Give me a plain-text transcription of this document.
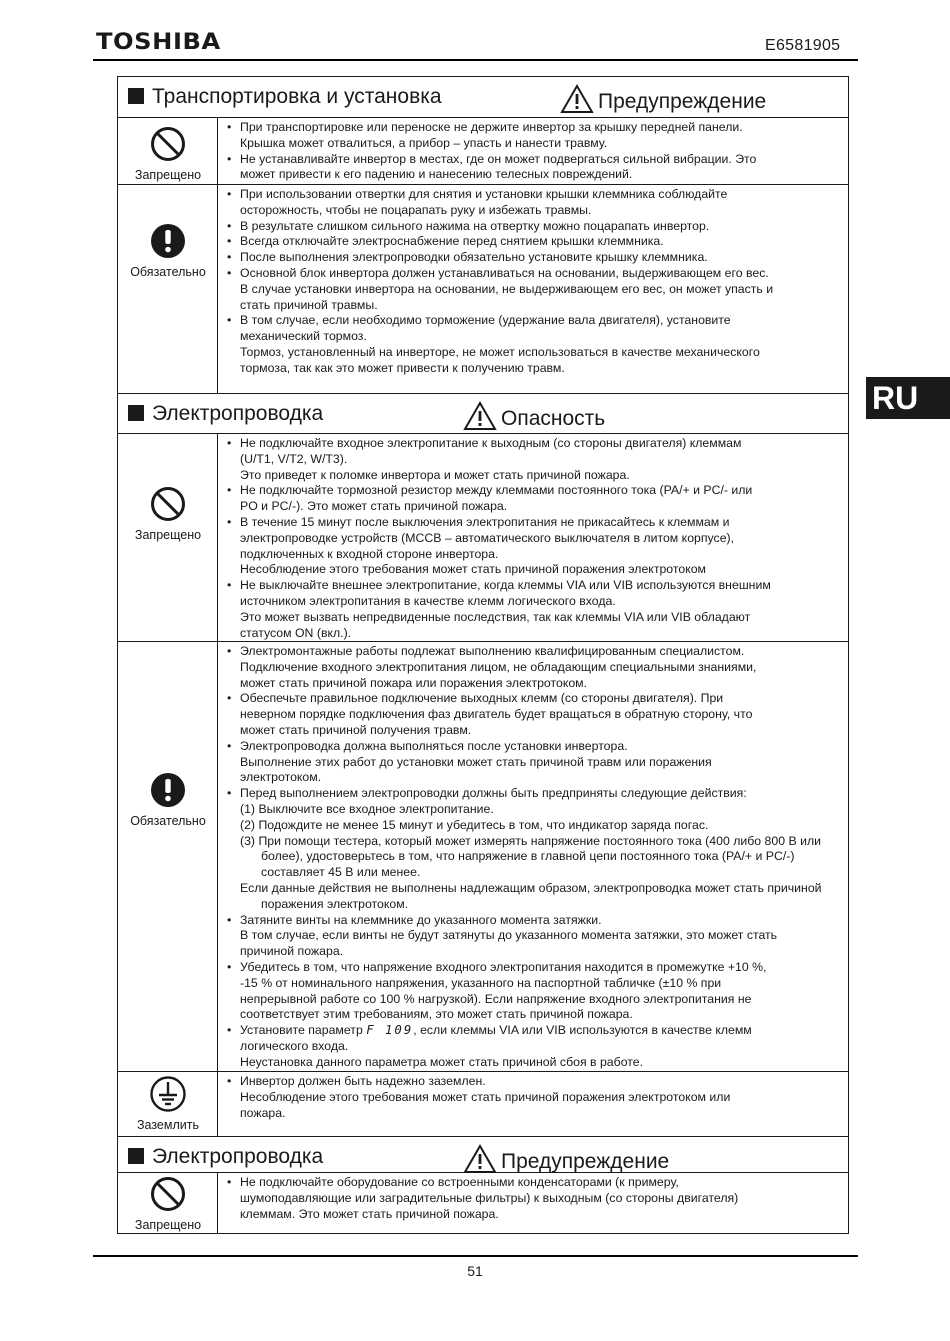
TOSHIBA	E6581905
RU
Транспортировка и установка	Предупреждение
Запрещено
• При транспортировке или переноске не держите инвертор за крышку передней панели.
Крышка может отвалиться, а прибор – упасть и нанести травму.
• Не устанавливайте инвертор в местах, где он может подвергаться сильной вибрации. Это
может привести к его падению и нанесению телесных повреждений.
Обязательно
• При использовании отвертки для снятия и установки крышки клеммника соблюдайте
осторожность, чтобы не поцарапать руку и избежать травмы.
• В результате слишком сильного нажима на отвертку можно поцарапать инвертор.
• Всегда отключайте электроснабжение перед снятием крышки клеммника.
• После выполнения электропроводки обязательно установите крышку клеммника.
• Основной блок инвертора должен устанавливаться на основании, выдерживающем его вес.
В случае установки инвертора на основании, не выдерживающем его вес, он может упасть и
стать причиной травмы.
• В том случае, если необходимо торможение (удержание вала двигателя), установите
механический тормоз.
Тормоз, установленный на инверторе, не может использоваться в качестве механического
тормоза, так как это может привести к получению травм.
Электропроводка	Опасность
Запрещено
• Не подключайте входное электропитание к выходным (со стороны двигателя) клеммам
(U/T1, V/T2, W/T3).
Это приведет к поломке инвертора и может стать причиной пожара.
• Не подключайте тормозной резистор между клеммами постоянного тока (PA/+ и PC/- или
PO и PC/-). Это может стать причиной пожара.
• В течение 15 минут после выключения электропитания не прикасайтесь к клеммам и
электропроводке устройств (MCCB – автоматического выключателя в литом корпусе),
подключенных к входной стороне инвертора.
Несоблюдение этого требования может стать причиной поражения электротоком
• Не выключайте внешнее электропитание, когда клеммы VIA или VIB используются внешним
источником электропитания в качестве клемм логического входа.
Это может вызвать непредвиденные последствия, так как клеммы VIA или VIB обладают
статусом ON (вкл.).
Обязательно
• Электромонтажные работы подлежат выполнению квалифицированным специалистом.
Подключение входного электропитания лицом, не обладающим специальными знаниями,
может стать причиной пожара или поражения электротоком.
• Обеспечьте правильное подключение выходных клемм (со стороны двигателя). При
неверном порядке подключения фаз двигатель будет вращаться в обратную сторону, что
может стать причиной получения травм.
• Электропроводка должна выполняться после установки инвертора.
Выполнение этих работ до установки может стать причиной травм или поражения
электротоком.
• Перед выполнением электропроводки должны быть предприняты следующие действия:
(1) Выключите все входное электропитание.
(2) Подождите не менее 15 минут и убедитесь в том, что индикатор заряда погас.
(3) При помощи тестера, который может измерять напряжение постоянного тока (400 либо 800 В или более), удостоверьтесь в том, что напряжение в главной цепи постоянного тока (PA/+ и PC/-) составляет 45 В или менее.
Если данные действия не выполнены надлежащим образом, электропроводка может стать причиной поражения электротоком.
• Затяните винты на клеммнике до указанного момента затяжки.
В том случае, если винты не будут затянуты до указанного момента затяжки, это может стать
причиной пожара.
• Убедитесь в том, что напряжение входного электропитания находится в промежутке +10 %,
-15 % от номинального напряжения, указанного на паспортной табличке (±10 % при
непрерывной работе со 100 % нагрузкой). Если напряжение входного электропитания не
соответствует этим требованиям, это может стать причиной пожара.
• Установите параметр F 109, если клеммы VIA или VIB используются в качестве клемм
логического входа.
Неустановка данного параметра может стать причиной сбоя в работе.
Заземлить
• Инвертор должен быть надежно заземлен.
Несоблюдение этого требования может стать причиной поражения электротоком или
пожара.
Электропроводка	Предупреждение
Запрещено
• Не подключайте оборудование со встроенными конденсаторами (к примеру,
шумоподавляющие или заградительные фильтры) к выходным (со стороны двигателя)
клеммам. Это может стать причиной пожара.
51
